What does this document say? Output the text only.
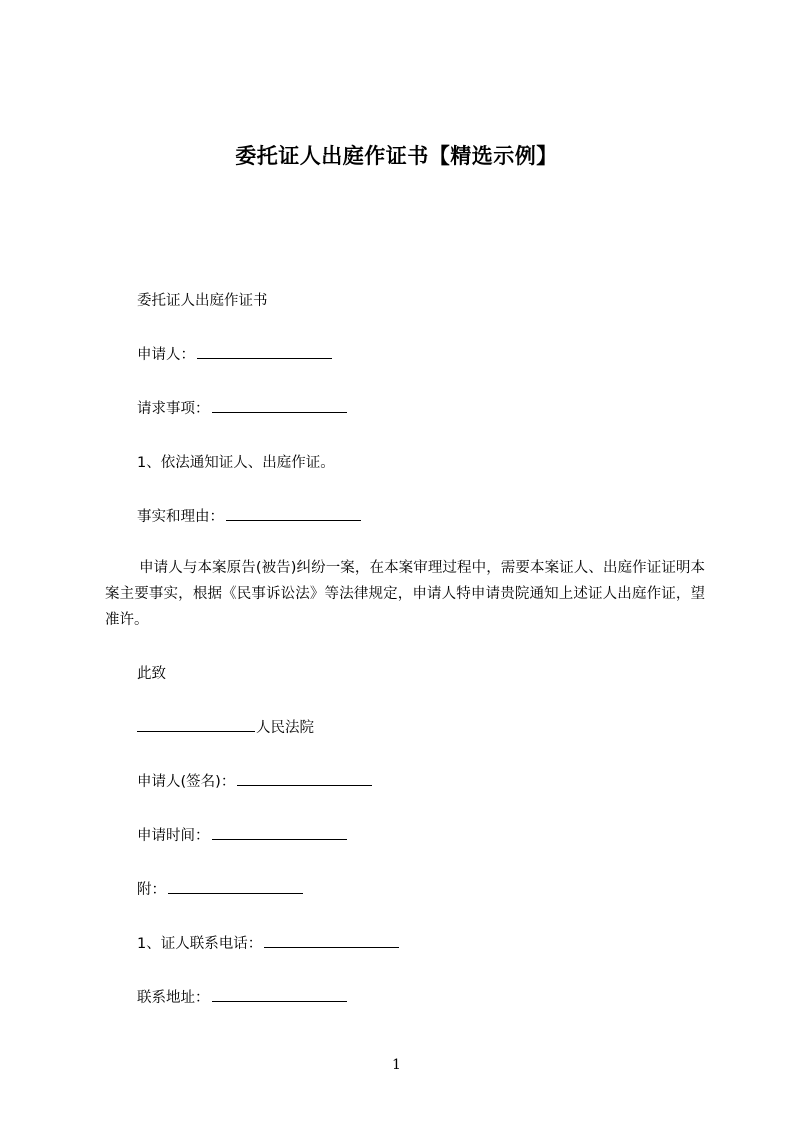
委托证人出庭作证书【精选示例】
委托证人出庭作证书
申请人：
请求事项：
1、依法通知证人、出庭作证。
事实和理由：
申请人与本案原告(被告)纠纷一案，在本案审理过程中，需要本案证人、出庭作证证明本案主要事实，根据《民事诉讼法》等法律规定，申请人特申请贵院通知上述证人出庭作证，望准许。
此致
人民法院
申请人(签名)：
申请时间：
附：
1、证人联系电话：
联系地址：
1
